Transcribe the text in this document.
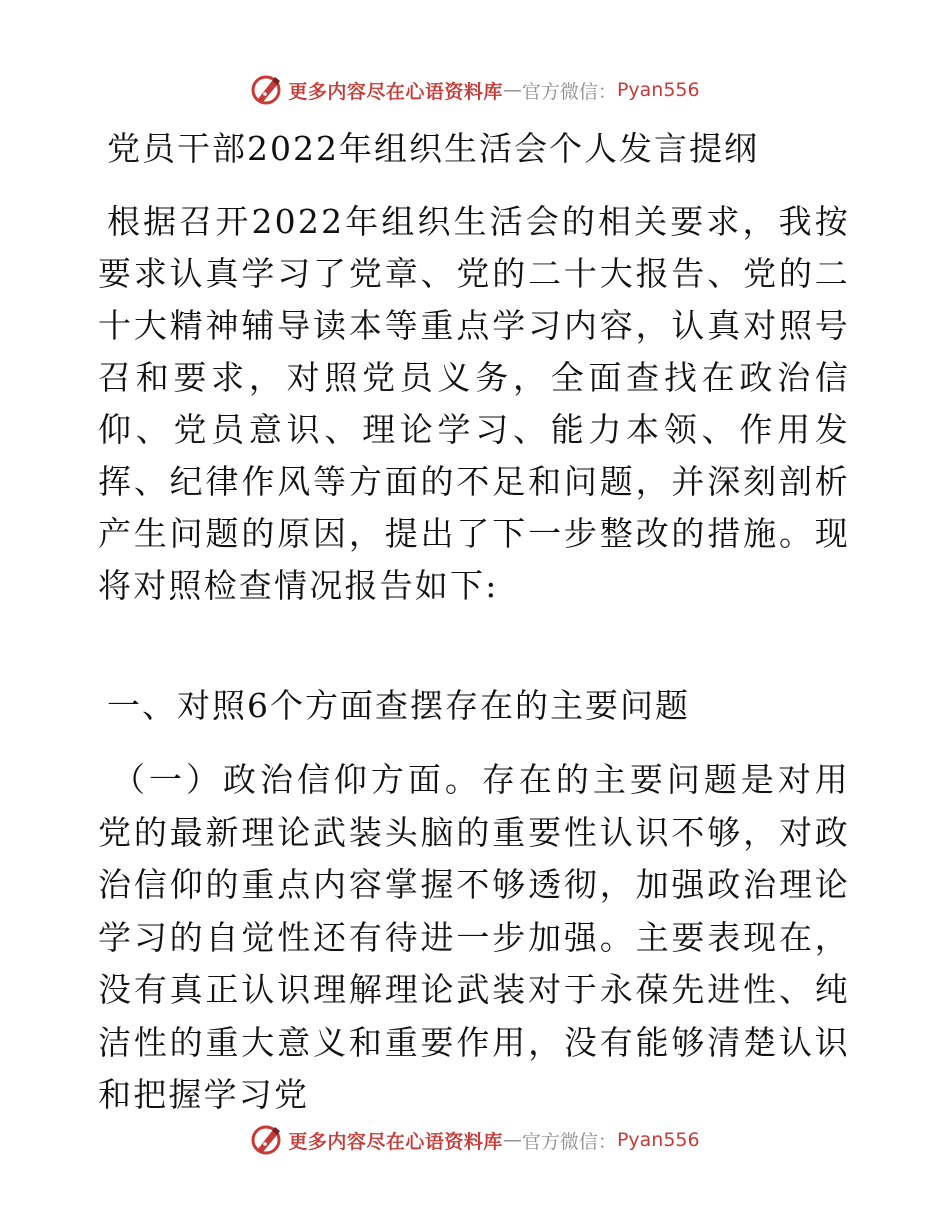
更多内容尽在心语资料库 — 官方微信： Pyan556
党员干部2022年组织生活会个人发言提纲

根据召开2022年组织生活会的相关要求，我按要求认真学习了党章、党的二十大报告、党的二十大精神辅导读本等重点学习内容，认真对照号召和要求，对照党员义务，全面查找在政治信仰、党员意识、理论学习、能力本领、作用发挥、纪律作风等方面的不足和问题，并深刻剖析产生问题的原因，提出了下一步整改的措施。现将对照检查情况报告如下:

一、对照6个方面查摆存在的主要问题

（一）政治信仰方面。存在的主要问题是对用党的最新理论武装头脑的重要性认识不够，对政治信仰的重点内容掌握不够透彻，加强政治理论学习的自觉性还有待进一步加强。主要表现在，没有真正认识理解理论武装对于永葆先进性、纯洁性的重大意义和重要作用，没有能够清楚认识和把握学习党

更多内容尽在心语资料库 — 官方微信： Pyan556
